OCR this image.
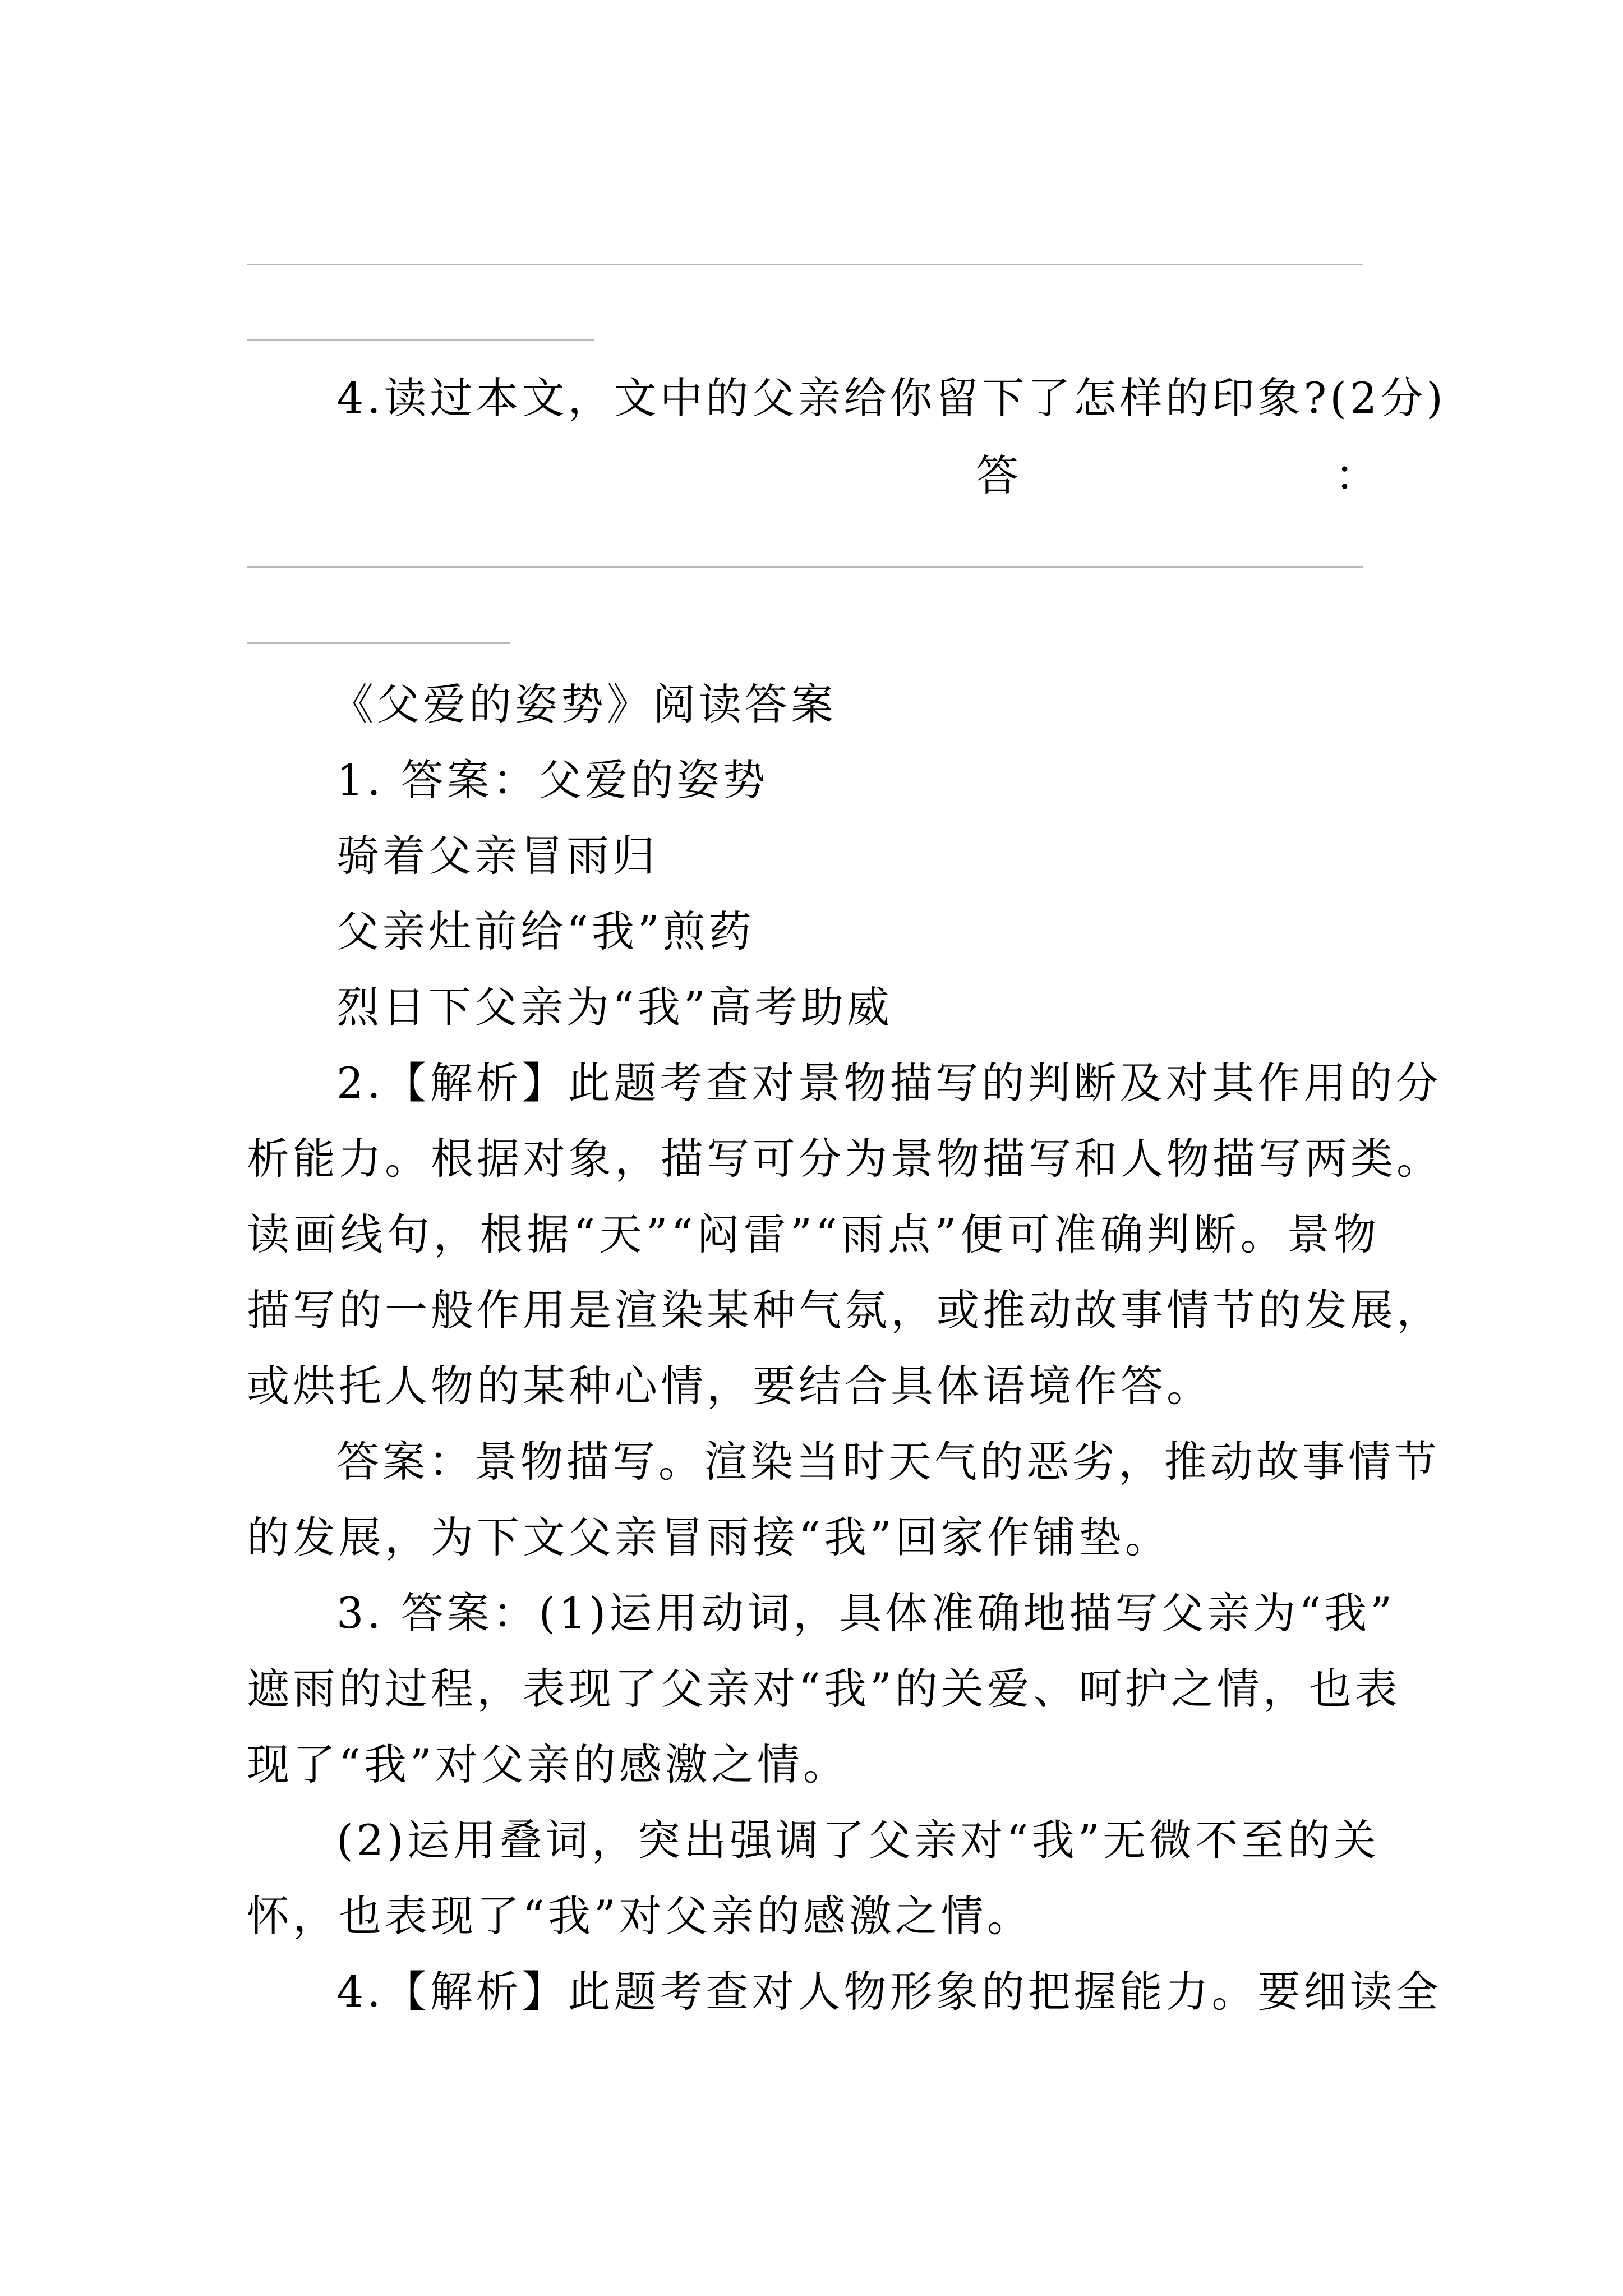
4.读过本文，文中的父亲给你留下了怎样的印象?(2分)
答	：
《父爱的姿势》阅读答案
1. 答案：父爱的姿势
骑着父亲冒雨归
父亲灶前给“我”煎药
烈日下父亲为“我”高考助威
2.【解析】此题考查对景物描写的判断及对其作用的分
析能力。根据对象，描写可分为景物描写和人物描写两类。
读画线句，根据“天”“闷雷”“雨点”便可准确判断。景物
描写的一般作用是渲染某种气氛，或推动故事情节的发展，
或烘托人物的某种心情，要结合具体语境作答。
答案：景物描写。渲染当时天气的恶劣，推动故事情节
的发展，为下文父亲冒雨接“我”回家作铺垫。
3. 答案：(1)运用动词，具体准确地描写父亲为“我”
遮雨的过程，表现了父亲对“我”的关爱、呵护之情，也表
现了“我”对父亲的感激之情。
(2)运用叠词，突出强调了父亲对“我”无微不至的关
怀，也表现了“我”对父亲的感激之情。
4.【解析】此题考查对人物形象的把握能力。要细读全
